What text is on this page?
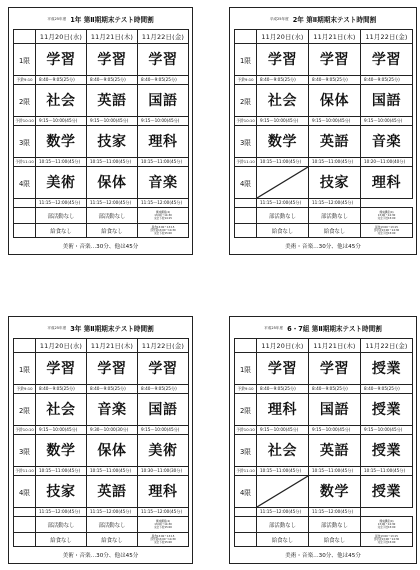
平成25年度 1年 第Ⅱ期期末テスト時間割
	11月20日(水)	11月21日(木)	11月22日(金)
1限	学習	学習	学習

予鈴9:10	8:40～9:05(25分)	8:40～9:05(25分)	8:40～9:05(25分)
2限	社会	英語	国語

予鈴10:10	9:15～10:00(45分)	9:15～10:00(45分)	9:15～10:00(45分)
3限	数学	技家	理科

予鈴11:10	10:15～11:00(45分)	10:15～11:00(45分)	10:15～11:00(45分)
4限	美術	保体	音楽

	11:15～12:00(45分)	11:15～12:00(45分)	11:15～12:00(45分)
	部活動なし	部活動なし	練成講座(4)
13:00～14:30
完全下校14:15
	給食なし	給食なし	昼食13:00～13:15
部学習13:00～14:30
完全下校15:00
美術・音楽…30分、他は45分
平成25年度 2年 第Ⅱ期期末テスト時間割
	11月20日(水)	11月21日(木)	11月22日(金)
1限	学習	学習	学習

予鈴9:10	8:40～9:05(25分)	8:40～9:05(25分)	8:40～9:05(25分)
2限	社会	保体	国語

予鈴10:10	9:15～10:00(45分)	9:15～10:00(45分)	9:15～10:00(45分)
3限	数学	英語	音楽

予鈴11:10	10:15～11:00(45分)	10:15～11:00(45分)	10:20～11:00(40分)
4限		技家	理科

	11:15～12:00(45分)	11:15～12:00(45分)	
	部活動なし	部活動なし	練成講座(4)
13:00～14:30
完全下校15:00
	給食なし	給食なし	昼食13:00～13:15
部学習13:00～14:30
完全下校15:00
美術・音楽…30分、他は45分
平成25年度 3年 第Ⅱ期期末テスト時間割
	11月20日(水)	11月21日(木)	11月22日(金)
1限	学習	学習	学習

予鈴9:10	8:40～9:05(25分)	8:40～9:05(25分)	8:40～9:05(25分)
2限	社会	音楽	国語

予鈴10:10	9:15～10:00(45分)	9:30～10:00(30分)	9:15～10:00(45分)
3限	数学	保体	美術

予鈴11:10	10:15～11:00(45分)	10:15～11:00(45分)	10:30～11:00(30分)
4限	技家	英語	理科

	11:15～12:00(45分)	11:15～12:00(45分)	11:15～12:00(45分)
	部活動なし	部活動なし	練成講座(4)
13:00～14:30
完全下校15:00
	給食なし	給食なし	昼食13:00～13:15
部学習13:00～14:30
完全下校15:00
美術・音楽…30分、他は45分
平成25年度 6・7組 第Ⅱ期期末テスト時間割
	11月20日(水)	11月21日(木)	11月22日(金)
1限	学習	学習	授業

予鈴9:10	8:40～9:05(25分)	8:40～9:05(25分)	8:40～9:05(25分)
2限	理科	国語	授業

予鈴10:10	9:15～10:00(45分)	9:15～10:00(45分)	9:15～10:00(45分)
3限	社会	英語	授業

予鈴11:10	10:15～11:00(45分)	10:15～11:00(45分)	10:15～11:00(45分)
4限		数学	授業

	11:15～12:00(45分)	11:15～12:00(45分)	
	部活動なし	部活動なし	練成講座(4)
13:00～14:30
完全下校15:00
	給食なし	給食なし	昼食13:00～13:15
部学習13:00～14:30
完全下校15:00
美術・音楽…30分、他は45分
